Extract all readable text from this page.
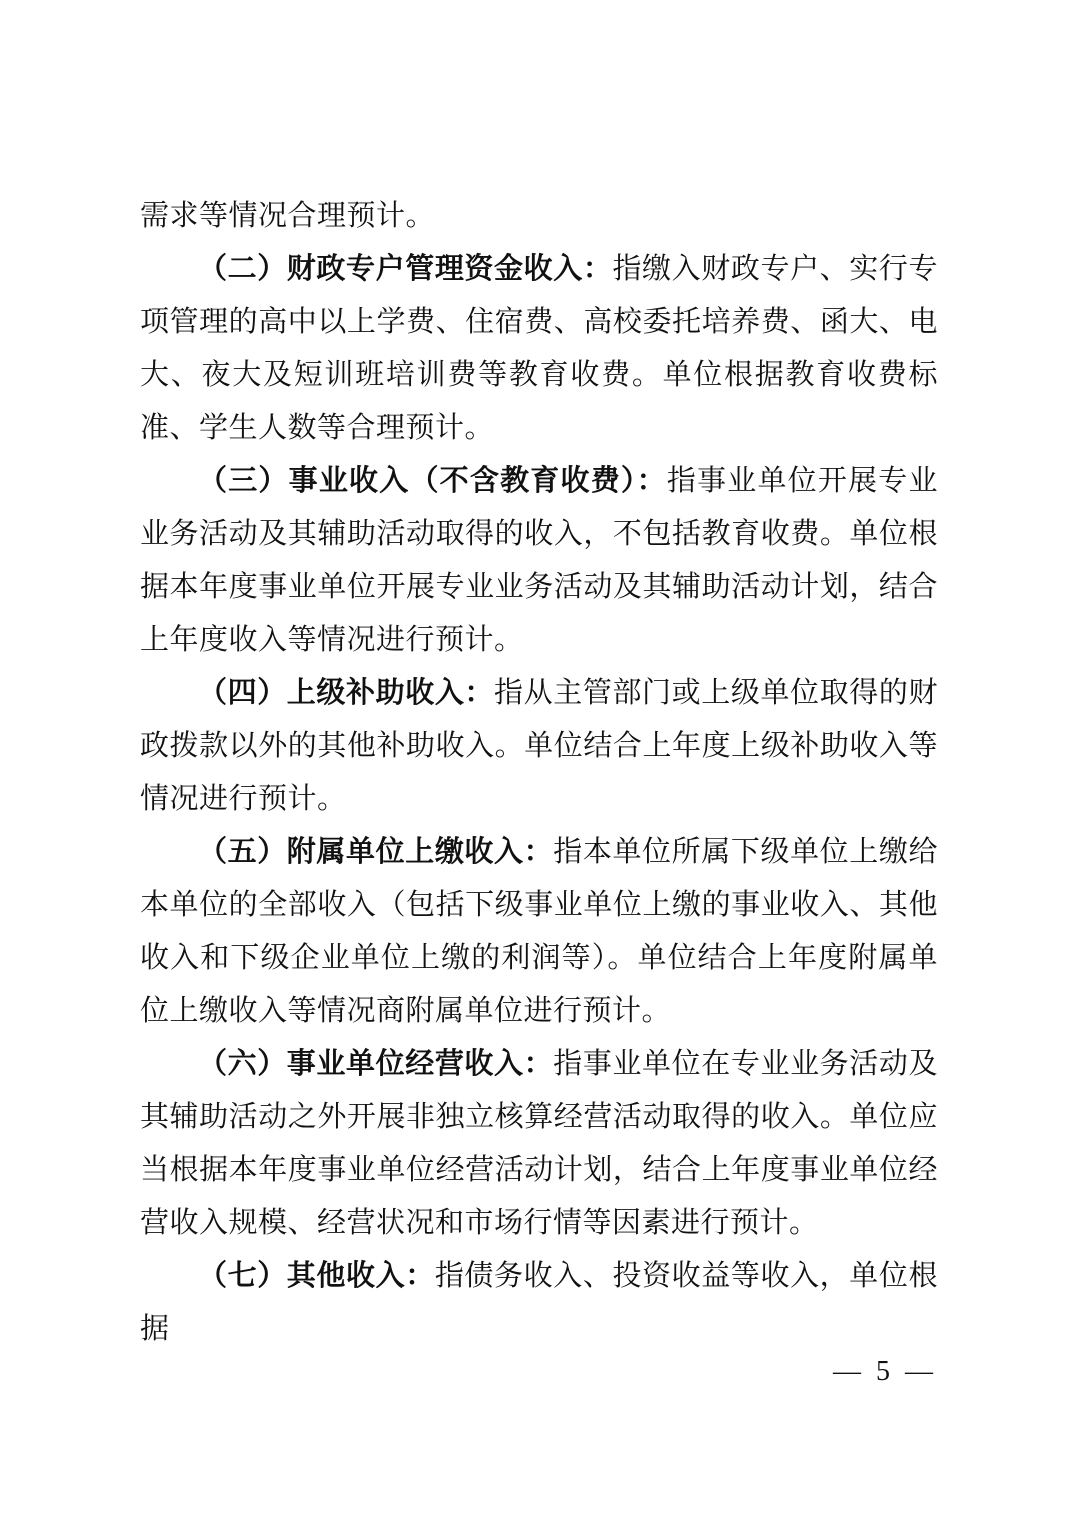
需求等情况合理预计。

（二）财政专户管理资金收入：指缴入财政专户、实行专项管理的高中以上学费、住宿费、高校委托培养费、函大、电大、夜大及短训班培训费等教育收费。单位根据教育收费标准、学生人数等合理预计。

（三）事业收入（不含教育收费）：指事业单位开展专业业务活动及其辅助活动取得的收入，不包括教育收费。单位根据本年度事业单位开展专业业务活动及其辅助活动计划，结合上年度收入等情况进行预计。

（四）上级补助收入：指从主管部门或上级单位取得的财政拨款以外的其他补助收入。单位结合上年度上级补助收入等情况进行预计。

（五）附属单位上缴收入：指本单位所属下级单位上缴给本单位的全部收入（包括下级事业单位上缴的事业收入、其他收入和下级企业单位上缴的利润等）。单位结合上年度附属单位上缴收入等情况商附属单位进行预计。

（六）事业单位经营收入：指事业单位在专业业务活动及其辅助活动之外开展非独立核算经营活动取得的收入。单位应当根据本年度事业单位经营活动计划，结合上年度事业单位经营收入规模、经营状况和市场行情等因素进行预计。

（七）其他收入：指债务收入、投资收益等收入，单位根据

— 5 —
